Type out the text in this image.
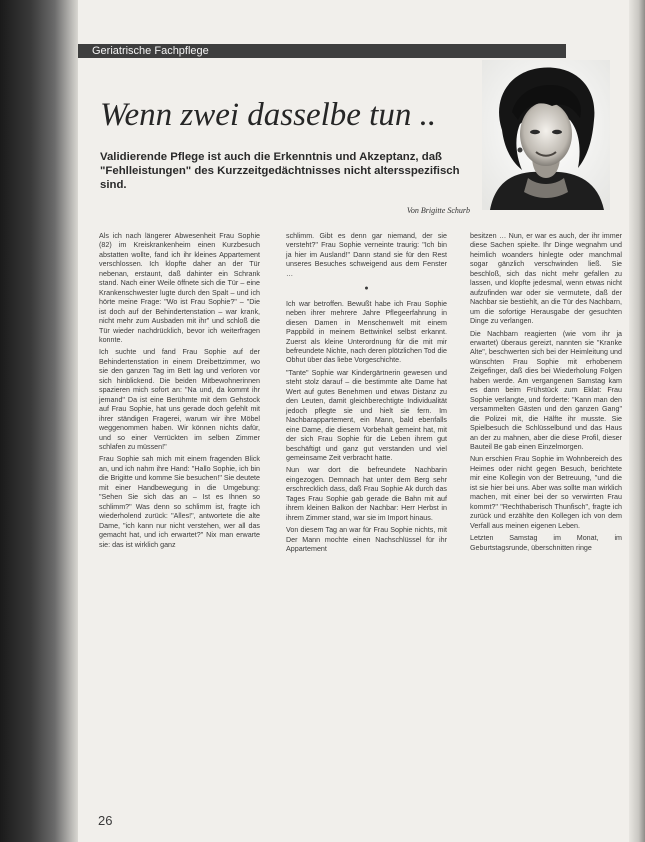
Geriatrische Fachpflege
Wenn zwei dasselbe tun ..
Validierende Pflege ist auch die Erkenntnis und Akzeptanz, daß "Fehlleistungen" des Kurzzeitgedächtnisses nicht altersspezifisch sind.
Von Brigitte Schurb

Als ich nach längerer Abwesenheit Frau Sophie (82) im Kreiskrankenheim einen Kurzbesuch abstatten wollte, fand ich ihr kleines Appartement verschlossen. Ich klopfte daher an der Tür nebenan, erstaunt, daß dahinter ein Schrank stand. Nach einer Weile öffnete sich die Tür – eine Krankenschwester lugte durch den Spalt – und ich hörte meine Frage: "Wo ist Frau Sophie?" – "Die ist doch auf der Behindertenstation – war krank, nicht mehr zum Ausbaden mit ihr" und schloß die Tür wieder nachdrücklich, bevor ich weiterfragen konnte.

Ich suchte und fand Frau Sophie auf der Behindertenstation in einem Dreibettzimmer, wo sie den ganzen Tag im Bett lag und verloren vor sich hinblickend. Die beiden Mitbewohnerinnen spazieren mich sofort an: "Na und, da kommt ihr jemand" Da ist eine Berühmte mit dem Gehstock auf Frau Sophie, hat uns gerade doch gefehlt mit ihrer ständigen Fragerei, warum wir ihre Möbel weggenommen haben. Wir können nichts dafür, und so einer Verrückten im selben Zimmer schlafen zu müssen!"

Frau Sophie sah mich mit einem fragenden Blick an, und ich nahm ihre Hand: "Hallo Sophie, ich bin die Brigitte und komme Sie besuchen!" Sie deutete mit einer Handbewegung in die Umgebung: "Sehen Sie sich das an – Ist es Ihnen so schlimm?" Was denn so schlimm ist, fragte ich wiederholend zurück: "Alles!", antwortete die alte Dame, "ich kann nur nicht verstehen, wer all das gemacht hat, und ich erwartet?" Nix man erwarte sie: das ist wirklich ganz

schlimm. Gibt es denn gar niemand, der sie versteht?" Frau Sophie verneinte traurig: "Ich bin ja hier im Ausland!" Dann stand sie für den Rest unseres Besuches schweigend aus dem Fenster …

●

Ich war betroffen. Bewußt habe ich Frau Sophie neben ihrer mehrere Jahre Pflegeerfahrung in diesen Damen in Menschenwelt mit einem Pappbild in meinem Bettwinkel selbst erkannt. Zuerst als kleine Unterordnung für die mit mir befreundete Nichte, nach deren plötzlichen Tod die Obhut über das liebe Vorgeschichte.

"Tante" Sophie war Kindergärtnerin gewesen und steht stolz darauf – die bestimmte alte Dame hat Wert auf gutes Benehmen und etwas Distanz zu den Leuten, damit gleichberechtigte Individualität jedoch pflegte sie und hielt sie fern. Im Nachbarappartement, ein Mann, bald ebenfalls eine Dame, die diesem Vorbehalt gemeint hat, mit der sich Frau Sophie für die Leben ihrem gut beschäftigt und ganz gut verstanden und viel gemeinsame Zeit verbracht hatte.

Nun war dort die befreundete Nachbarin eingezogen. Demnach hat unter dem Berg sehr erschrecklich dass, daß Frau Sophie Ak durch das Tages Frau Sophie gab gerade die Bahn mit auf ihrem kleinen Balkon der Nachbar: Herr Herbst in ihrem Zimmer stand, war sie im Import hinaus.

Von diesem Tag an war für Frau Sophie nichts, mit Der Mann mochte einen Nachschlüssel für ihr Appartement

besitzen … Nun, er war es auch, der ihr immer diese Sachen spielte. Ihr Dinge wegnahm und heimlich woanders hinlegte oder manchmal sogar gänzlich verschwinden ließ. Sie beschloß, sich das nicht mehr gefallen zu lassen, und klopfte jedesmal, wenn etwas nicht aufzufinden war oder sie vermutete, daß der Nachbar sie bestiehlt, an die Tür des Nachbarn, um die sofortige Herausgabe der gesuchten Dinge zu verlangen.

Die Nachbarn reagierten (wie vom ihr ja erwartet) überaus gereizt, nannten sie "Kranke Alte", beschwerten sich bei der Heimleitung und wünschten Frau Sophie mit erhobenem Zeigefinger, daß dies bei Wiederholung Folgen haben werde. Am vergangenen Samstag kam es dann beim Frühstück zum Eklat: Frau Sophie verlangte, und forderte: "Kann man den versammelten Gästen und den ganzen Gang" die Polizei mit, die Hälfte ihr musste. Sie Spielbesuch die Schlüsselbund und das Haus an der zu mahnen, aber die diese Profil, dieser Bauteil Be gab einen Einzelmorgen.

Nun erschien Frau Sophie im Wohnbereich des Heimes oder nicht gegen Besuch, berichtete mir eine Kollegin von der Betreuung, "und die ist sie hier bei uns. Aber was sollte man wirklich machen, mit einer bei der so verwirrten Frau kommt?" "Rechthaberisch Thunfisch", fragte ich zurück und erzählte den Kollegen ich von dem Verfall aus meinen eigenen Leben.

Letzten Samstag im Monat, im Geburtstagsrunde, überschnitten ringe

26
